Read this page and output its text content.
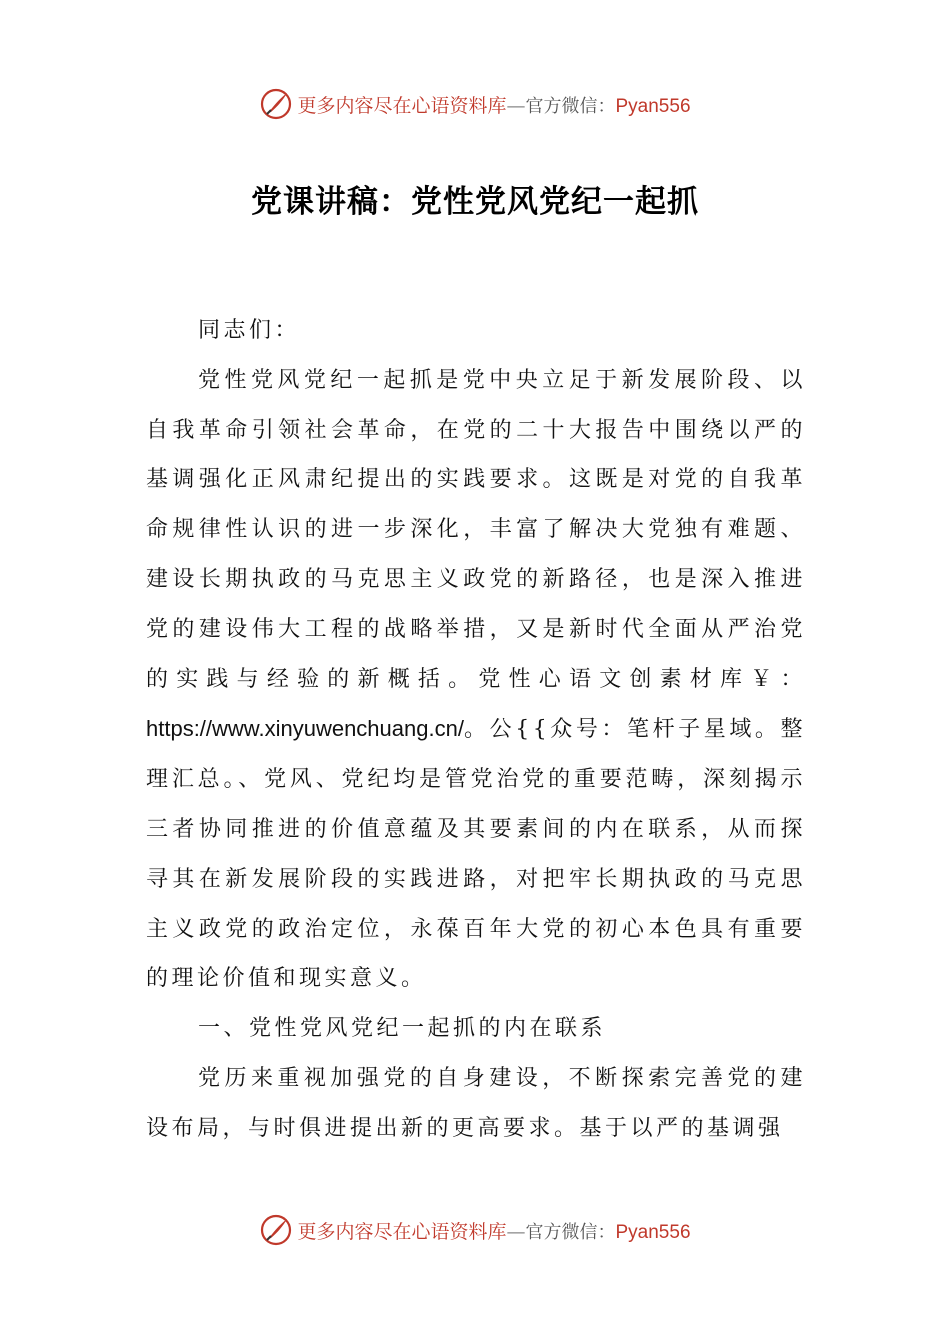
更多内容尽在心语资料库—官方微信：Pyan556
党课讲稿：党性党风党纪一起抓

同志们：

党性党风党纪一起抓是党中央立足于新发展阶段、以自我革命引领社会革命，在党的二十大报告中围绕以严的基调强化正风肃纪提出的实践要求。这既是对党的自我革命规律性认识的进一步深化，丰富了解决大党独有难题、建设长期执政的马克思主义政党的新路径，也是深入推进党的建设伟大工程的战略举措，又是新时代全面从严治党的实践与经验的新概括。党性心语文创素材库￥：https://www.xinyuwenchuang.cn/。公{{众号：笔杆子星域。整理汇总。、党风、党纪均是管党治党的重要范畴，深刻揭示三者协同推进的价值意蕴及其要素间的内在联系，从而探寻其在新发展阶段的实践进路，对把牢长期执政的马克思主义政党的政治定位，永葆百年大党的初心本色具有重要的理论价值和现实意义。

一、党性党风党纪一起抓的内在联系

党历来重视加强党的自身建设，不断探索完善党的建设布局，与时俱进提出新的更高要求。基于以严的基调强

更多内容尽在心语资料库—官方微信：Pyan556
